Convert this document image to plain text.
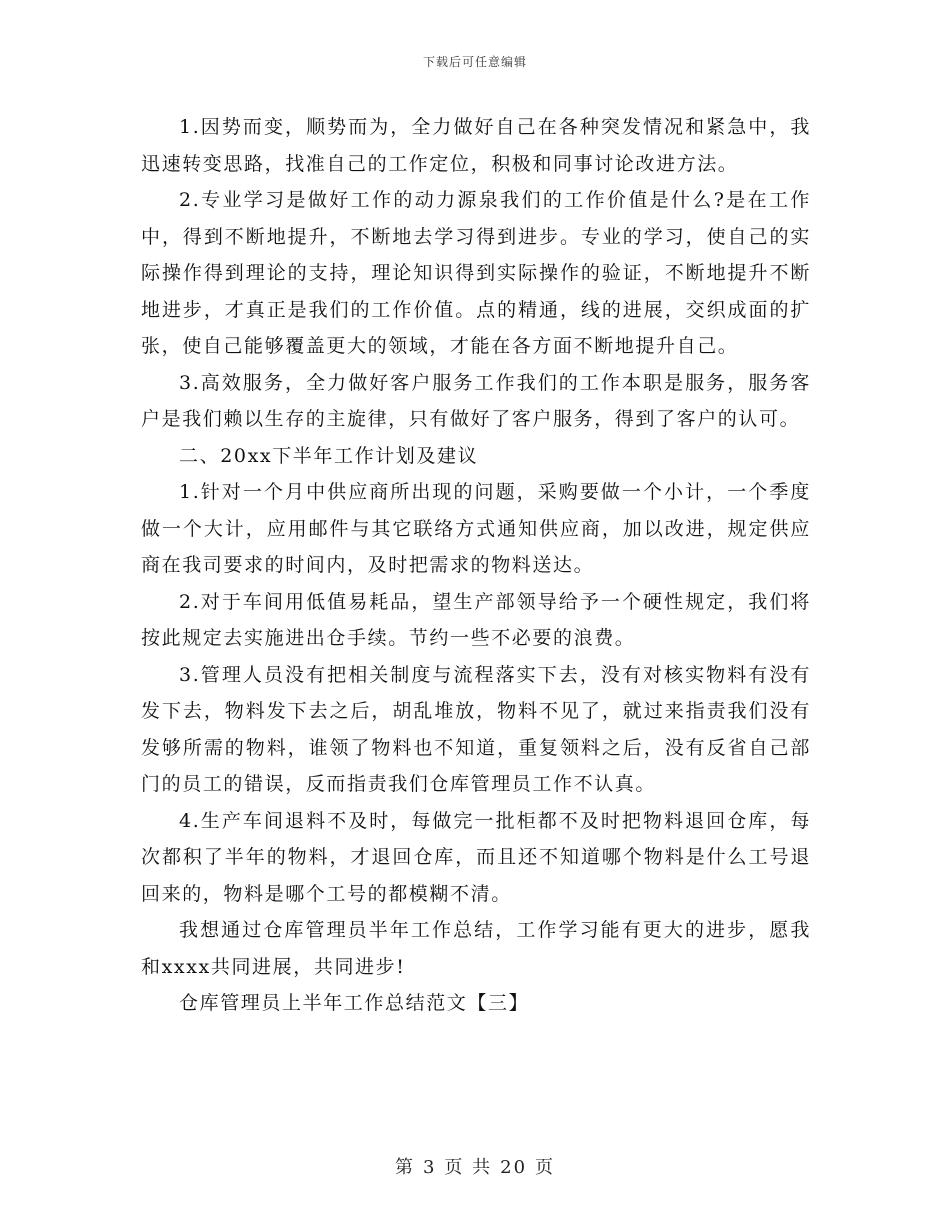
下载后可任意编辑

1.因势而变，顺势而为，全力做好自己在各种突发情况和紧急中，我迅速转变思路，找准自己的工作定位，积极和同事讨论改进方法。

2.专业学习是做好工作的动力源泉我们的工作价值是什么?是在工作中，得到不断地提升，不断地去学习得到进步。专业的学习，使自己的实际操作得到理论的支持，理论知识得到实际操作的验证，不断地提升不断地进步，才真正是我们的工作价值。点的精通，线的进展，交织成面的扩张，使自己能够覆盖更大的领域，才能在各方面不断地提升自己。

3.高效服务，全力做好客户服务工作我们的工作本职是服务，服务客户是我们赖以生存的主旋律，只有做好了客户服务，得到了客户的认可。

二、20xx下半年工作计划及建议

1.针对一个月中供应商所出现的问题，采购要做一个小计，一个季度做一个大计，应用邮件与其它联络方式通知供应商，加以改进，规定供应商在我司要求的时间内，及时把需求的物料送达。

2.对于车间用低值易耗品，望生产部领导给予一个硬性规定，我们将按此规定去实施进出仓手续。节约一些不必要的浪费。

3.管理人员没有把相关制度与流程落实下去，没有对核实物料有没有发下去，物料发下去之后，胡乱堆放，物料不见了，就过来指责我们没有发够所需的物料，谁领了物料也不知道，重复领料之后，没有反省自己部门的员工的错误，反而指责我们仓库管理员工作不认真。

4.生产车间退料不及时，每做完一批柜都不及时把物料退回仓库，每次都积了半年的物料，才退回仓库，而且还不知道哪个物料是什么工号退回来的，物料是哪个工号的都模糊不清。

我想通过仓库管理员半年工作总结，工作学习能有更大的进步，愿我和xxxx共同进展，共同进步!

仓库管理员上半年工作总结范文【三】

第 3 页 共 20 页
